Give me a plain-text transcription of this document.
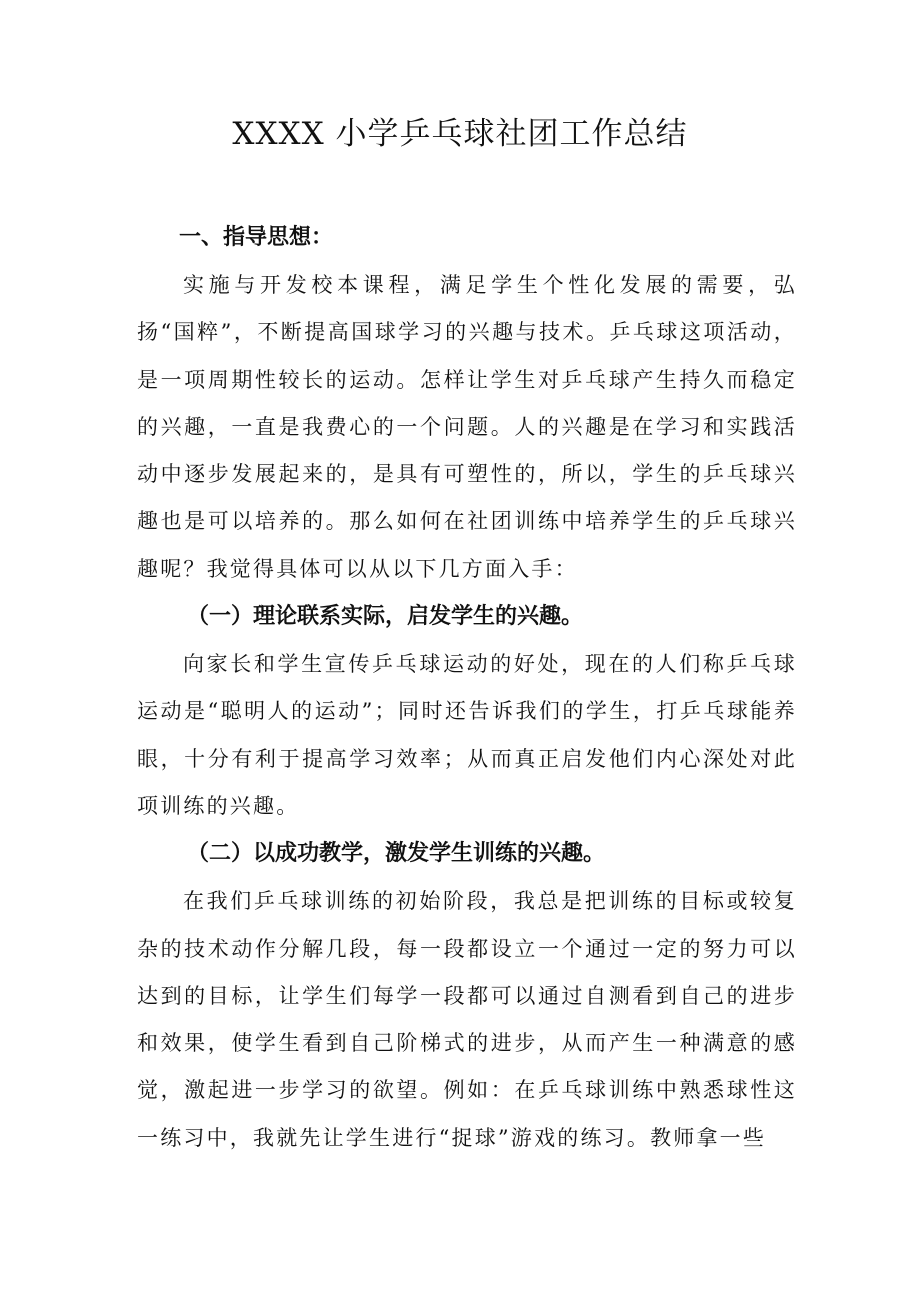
XXXX 小学乒乓球社团工作总结
一、指导思想：

实施与开发校本课程，满足学生个性化发展的需要，弘扬“国粹”，不断提高国球学习的兴趣与技术。乒乓球这项活动，是一项周期性较长的运动。怎样让学生对乒乓球产生持久而稳定的兴趣，一直是我费心的一个问题。人的兴趣是在学习和实践活动中逐步发展起来的，是具有可塑性的，所以，学生的乒乓球兴趣也是可以培养的。那么如何在社团训练中培养学生的乒乓球兴趣呢？我觉得具体可以从以下几方面入手：

（一）理论联系实际，启发学生的兴趣。

向家长和学生宣传乒乓球运动的好处，现在的人们称乒乓球运动是“聪明人的运动”；同时还告诉我们的学生，打乒乓球能养眼，十分有利于提高学习效率；从而真正启发他们内心深处对此项训练的兴趣。

（二）以成功教学，激发学生训练的兴趣。

在我们乒乓球训练的初始阶段，我总是把训练的目标或较复杂的技术动作分解几段，每一段都设立一个通过一定的努力可以达到的目标，让学生们每学一段都可以通过自测看到自己的进步和效果，使学生看到自己阶梯式的进步，从而产生一种满意的感觉，激起进一步学习的欲望。例如：在乒乓球训练中熟悉球性这一练习中，我就先让学生进行“捉球”游戏的练习。教师拿一些
